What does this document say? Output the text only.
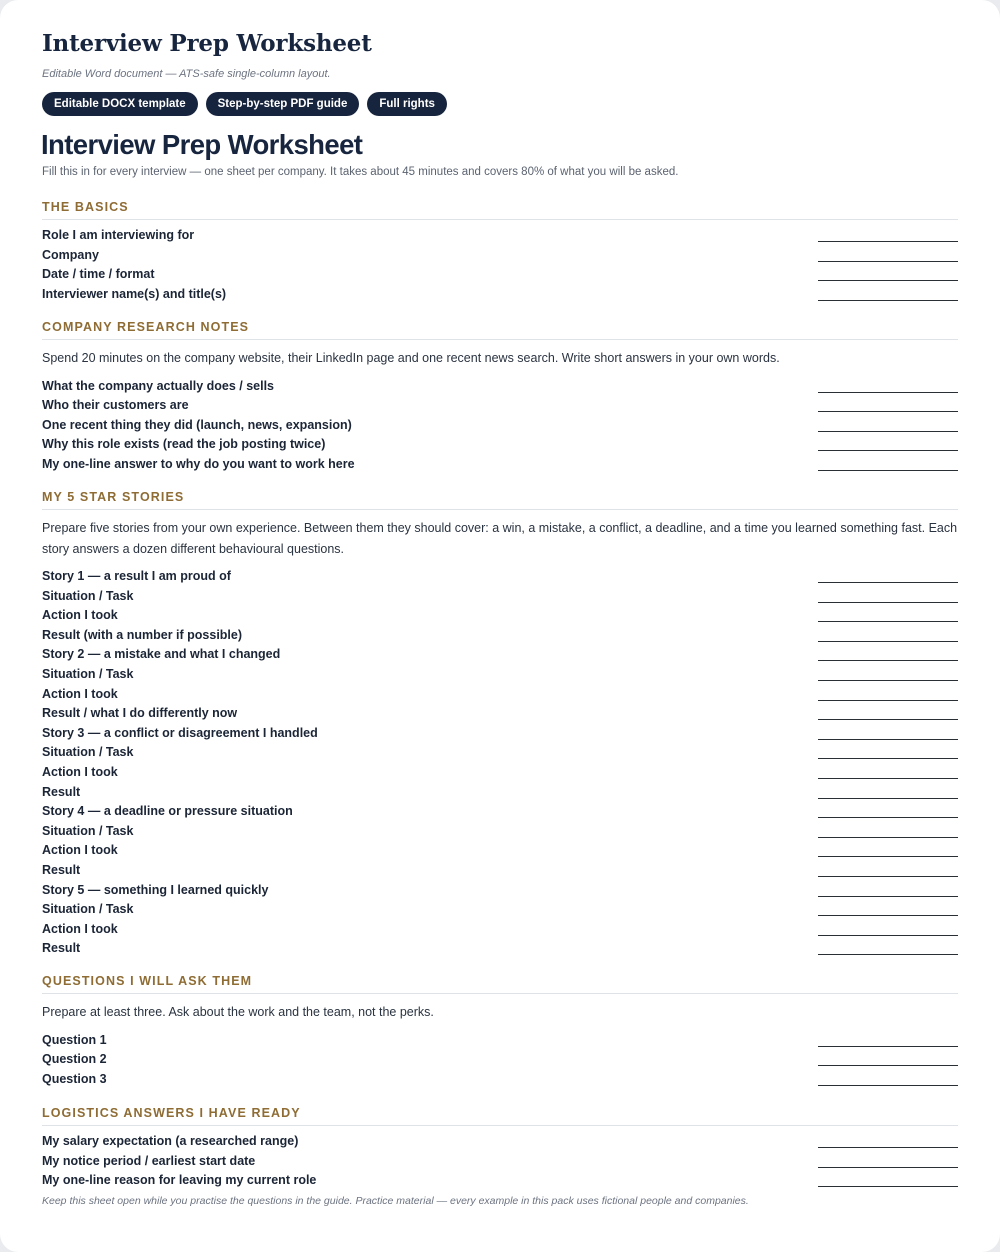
Interview Prep Worksheet
Editable Word document — ATS-safe single-column layout.
Editable DOCX template	Step-by-step PDF guide	Full rights
Interview Prep Worksheet
Fill this in for every interview — one sheet per company. It takes about 45 minutes and covers 80% of what you will be asked.
THE BASICS
Role I am interviewing for
Company
Date / time / format
Interviewer name(s) and title(s)
COMPANY RESEARCH NOTES
Spend 20 minutes on the company website, their LinkedIn page and one recent news search. Write short answers in your own words.
What the company actually does / sells
Who their customers are
One recent thing they did (launch, news, expansion)
Why this role exists (read the job posting twice)
My one-line answer to why do you want to work here
MY 5 STAR STORIES
Prepare five stories from your own experience. Between them they should cover: a win, a mistake, a conflict, a deadline, and a time you learned something fast. Each story answers a dozen different behavioural questions.
Story 1 — a result I am proud of
Situation / Task
Action I took
Result (with a number if possible)
Story 2 — a mistake and what I changed
Situation / Task
Action I took
Result / what I do differently now
Story 3 — a conflict or disagreement I handled
Situation / Task
Action I took
Result
Story 4 — a deadline or pressure situation
Situation / Task
Action I took
Result
Story 5 — something I learned quickly
Situation / Task
Action I took
Result
QUESTIONS I WILL ASK THEM
Prepare at least three. Ask about the work and the team, not the perks.
Question 1
Question 2
Question 3
LOGISTICS ANSWERS I HAVE READY
My salary expectation (a researched range)
My notice period / earliest start date
My one-line reason for leaving my current role
Keep this sheet open while you practise the questions in the guide. Practice material — every example in this pack uses fictional people and companies.
